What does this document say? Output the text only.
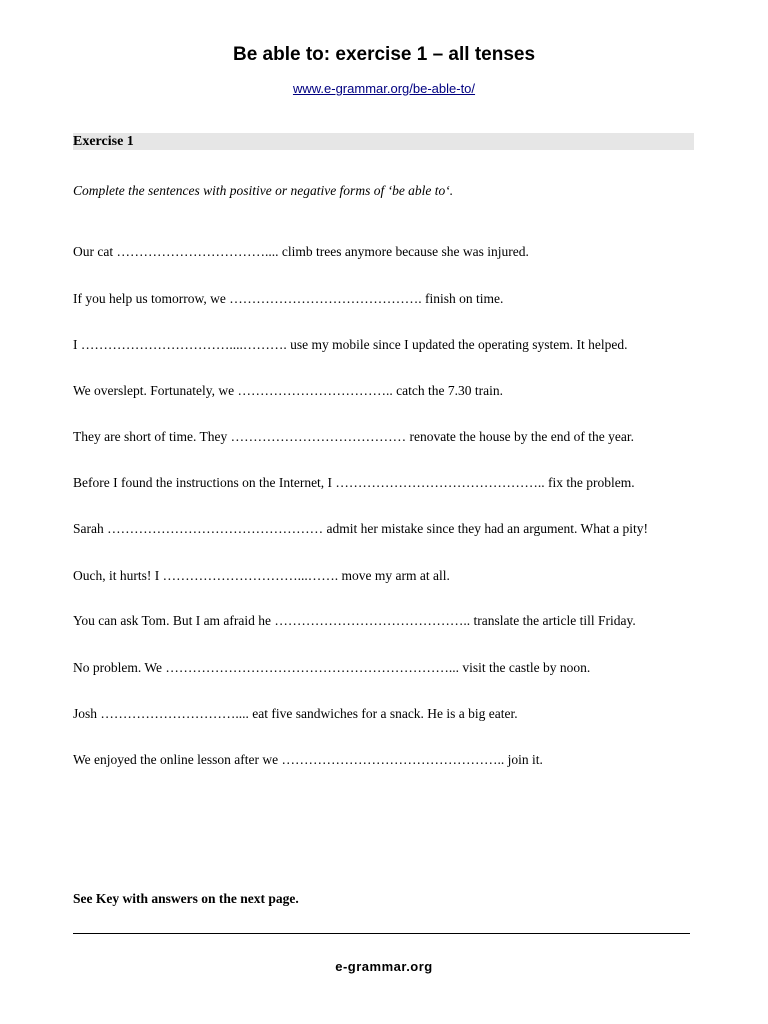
Be able to: exercise 1 – all tenses
www.e-grammar.org/be-able-to/
Exercise 1
Complete the sentences with positive or negative forms of ‘be able to‘.
Our cat …………………………….... climb trees anymore because she was injured.
If you help us tomorrow, we ……………………………………. finish on time.
I ……………………………....………. use my mobile since I updated the operating system. It helped.
We overslept. Fortunately, we …………………………….. catch the 7.30 train.
They are short of time. They ………………………………… renovate the house by the end of the year.
Before I found the instructions on the Internet, I ……………………………………….. fix the problem.
Sarah ………………………………………… admit her mistake since they had an argument. What a pity!
Ouch, it hurts! I …………………………...……. move my arm at all.
You can ask Tom. But I am afraid he …………………………………….. translate the article till Friday.
No problem. We ………………………………………………………... visit the castle by noon.
Josh ………………………….... eat five sandwiches for a snack. He is a big eater.
We enjoyed the online lesson after we ………………………………………….. join it.
See Key with answers on the next page.
e-grammar.org
